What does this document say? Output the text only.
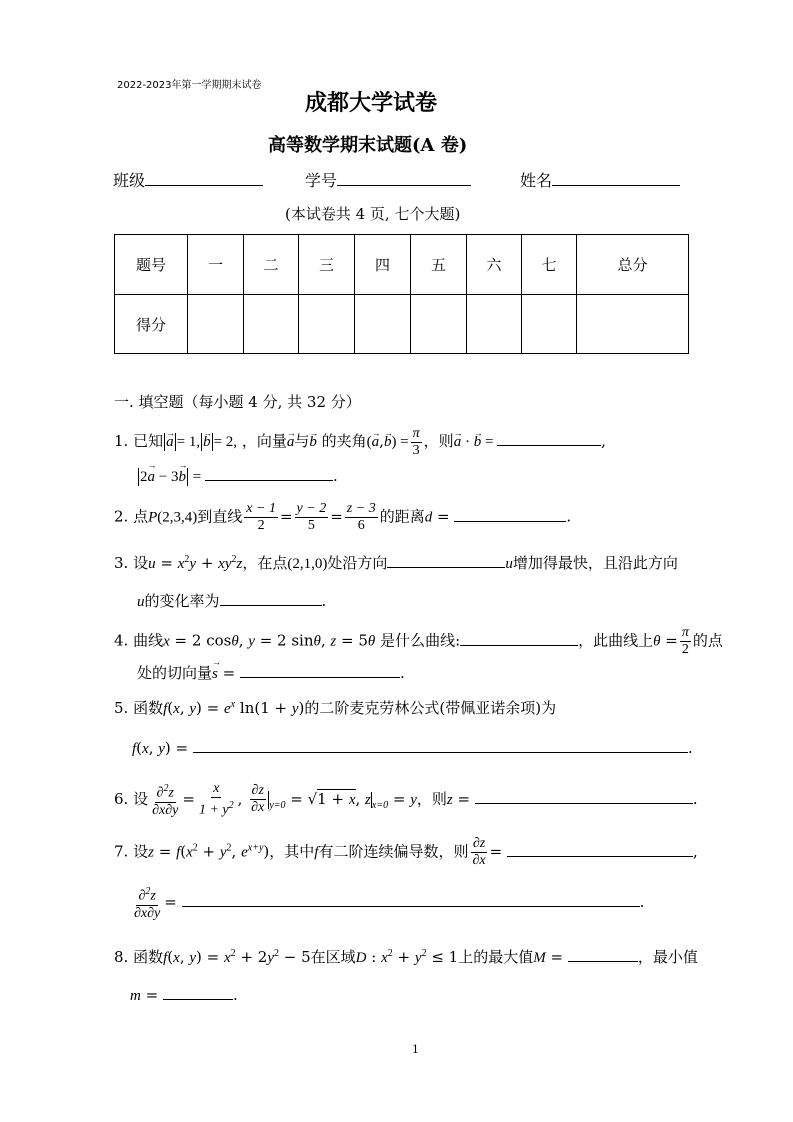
2022-2023年第一学期期末试卷
成都大学试卷
高等数学期末试题(A 卷)
班级	学号	姓名
(本试卷共 4 页, 七个大题)
题号	一	二	三	四	五	六	七	总分
得分								
一. 填空题（每小题 4 分, 共 32 分）
1. 已知 → a = 1, → b = 2, ，向量→ a与→ b 的夹角(→ $a,\to b) = \frac{\pi}{3}$ ，则→ a · → b =	,
2→ a − 3→ b =	.
2. 点P(2,3,4)到直线 $\frac{x - 1}{2} = \frac{y - 2}{5} = \frac{z - 3}{6}$ 的距离d =	.
3. 设$u = x^2y + xy^2z$，在点(2,1,0)处沿方向	u增加得最快，且沿此方向
u的变化率为	.
4. 曲线x = 2 cosθ, y = 2 sinθ, z = 5θ 是什么曲线:	，此曲线上$\theta = \frac{\pi}{2}$ 的点
处的切向量→ s =	.
5. 函数f(x, $y) = e^x$ ln(1 + y)的二阶麦克劳林公式(带佩亚诺余项)为
f(x, y) =	.
6. 设 $\frac{\partial^2z}{\partial x\partial y} = \frac{x}{1 + y^2}$ , $\frac{\partial z}{\partial x} _{y=0} = √1 + x$, $z_{x=0} = y$，则z =	.
7. 设$z = f(x^2 + y^2$, $e^{x+y}$)，其中f有二阶连续偏导数，则 $\frac{\partial z}{\partial x}$ =	,
$\frac{\partial^2z}{\partial x\partial y}$ =	.
8. 函数f(x, $y) = x^2 + 2y^2 - 5$在区域D : $x^2 + y^2 \le 1$上的最大值M =	，最小值
m =	.
1
